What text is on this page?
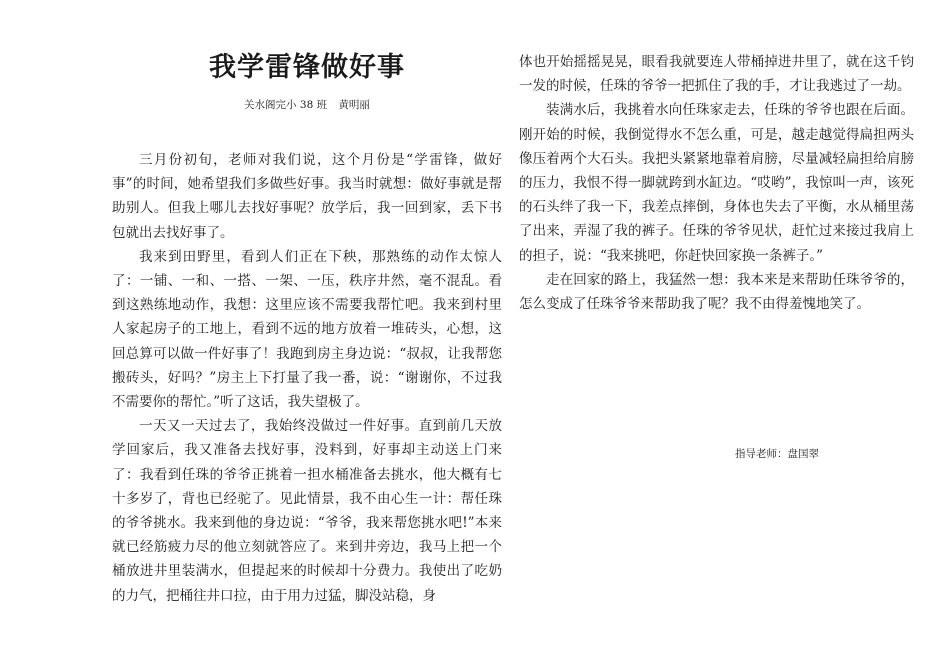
我学雷锋做好事
关水阁完小 38 班 黄明丽

三月份初旬，老师对我们说，这个月份是“学雷锋，做好事”的时间，她希望我们多做些好事。我当时就想：做好事就是帮助别人。但我上哪儿去找好事呢？放学后，我一回到家，丢下书包就出去找好事了。

我来到田野里，看到人们正在下秧，那熟练的动作太惊人了：一铺、一和、一搭、一架、一压，秩序井然，毫不混乱。看到这熟练地动作，我想：这里应该不需要我帮忙吧。我来到村里人家起房子的工地上，看到不远的地方放着一堆砖头，心想，这回总算可以做一件好事了！我跑到房主身边说：“叔叔，让我帮您搬砖头，好吗？”房主上下打量了我一番，说：“谢谢你，不过我不需要你的帮忙。”听了这话，我失望极了。

一天又一天过去了，我始终没做过一件好事。直到前几天放学回家后，我又准备去找好事，没料到，好事却主动送上门来了：我看到任珠的爷爷正挑着一担水桶准备去挑水，他大概有七十多岁了，背也已经驼了。见此情景，我不由心生一计：帮任珠的爷爷挑水。我来到他的身边说：“爷爷，我来帮您挑水吧!”本来就已经筋疲力尽的他立刻就答应了。来到井旁边，我马上把一个桶放进井里装满水，但提起来的时候却十分费力。我使出了吃奶的力气，把桶往井口拉，由于用力过猛，脚没站稳，身

体也开始摇摇晃晃，眼看我就要连人带桶掉进井里了，就在这千钧一发的时候，任珠的爷爷一把抓住了我的手，才让我逃过了一劫。

装满水后，我挑着水向任珠家走去，任珠的爷爷也跟在后面。刚开始的时候，我倒觉得水不怎么重，可是，越走越觉得扁担两头像压着两个大石头。我把头紧紧地靠着肩膀，尽量减轻扁担给肩膀的压力，我恨不得一脚就跨到水缸边。“哎哟”，我惊叫一声，该死的石头绊了我一下，我差点摔倒，身体也失去了平衡，水从桶里荡了出来，弄湿了我的裤子。任珠的爷爷见状，赶忙过来接过我肩上的担子，说：“我来挑吧，你赶快回家换一条裤子。”

走在回家的路上，我猛然一想：我本来是来帮助任珠爷爷的，怎么变成了任珠爷爷来帮助我了呢？我不由得羞愧地笑了。

指导老师：盘国翠
